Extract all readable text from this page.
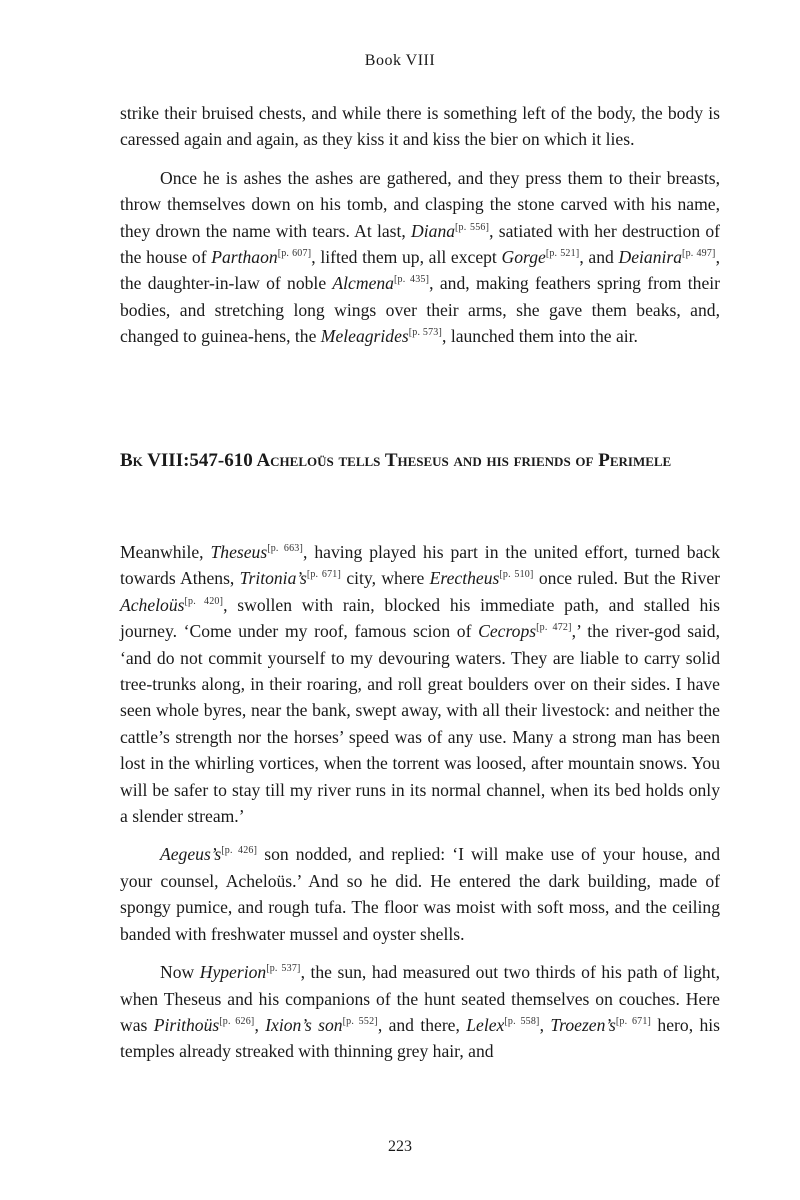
Book VIII

strike their bruised chests, and while there is something left of the body, the body is caressed again and again, as they kiss it and kiss the bier on which it lies.

Once he is ashes the ashes are gathered, and they press them to their breasts, throw themselves down on his tomb, and clasping the stone carved with his name, they drown the name with tears. At last, Diana[p. 556], satiated with her destruction of the house of Parthaon[p. 607], lifted them up, all except Gorge[p. 521], and Deianira[p. 497], the daughter-in-law of noble Alcmena[p. 435], and, making feathers spring from their bodies, and stretching long wings over their arms, she gave them beaks, and, changed to guinea-hens, the Meleagrides[p. 573], launched them into the air.

Bk VIII:547-610 Acheloüs tells Theseus and his friends of Perimele

Meanwhile, Theseus[p. 663], having played his part in the united effort, turned back towards Athens, Tritonia’s[p. 671] city, where Erectheus[p. 510] once ruled. But the River Acheloüs[p. 420], swollen with rain, blocked his immediate path, and stalled his journey. ‘Come under my roof, famous scion of Cecrops[p. 472],’ the river-god said, ‘and do not commit yourself to my devouring waters. They are liable to carry solid tree-trunks along, in their roaring, and roll great boulders over on their sides. I have seen whole byres, near the bank, swept away, with all their livestock: and neither the cattle’s strength nor the horses’ speed was of any use. Many a strong man has been lost in the whirling vortices, when the torrent was loosed, after mountain snows. You will be safer to stay till my river runs in its normal channel, when its bed holds only a slender stream.’

Aegeus’s[p. 426] son nodded, and replied: ‘I will make use of your house, and your counsel, Acheloüs.’ And so he did. He entered the dark building, made of spongy pumice, and rough tufa. The floor was moist with soft moss, and the ceiling banded with freshwater mussel and oyster shells.

Now Hyperion[p. 537], the sun, had measured out two thirds of his path of light, when Theseus and his companions of the hunt seated themselves on couches. Here was Pirithoüs[p. 626], Ixion’s son[p. 552], and there, Lelex[p. 558], Troezen’s[p. 671] hero, his temples already streaked with thinning grey hair, and

223
